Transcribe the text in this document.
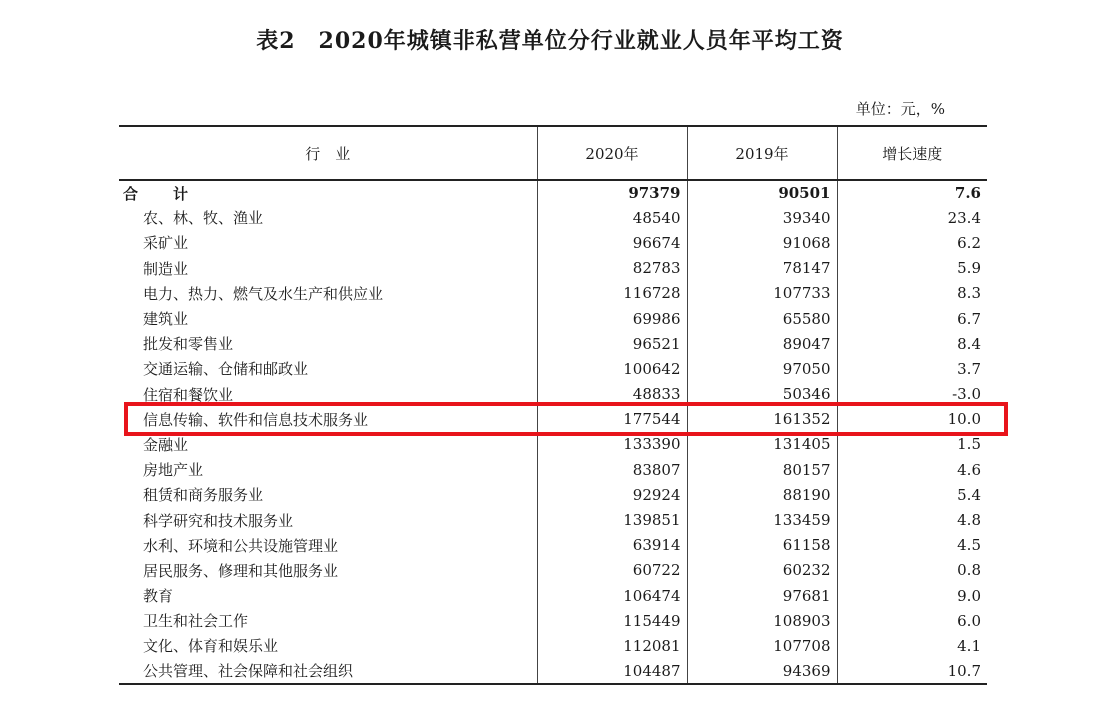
表2　2020年城镇非私营单位分行业就业人员年平均工资
单位：元，%
行　业	2020年	2019年	增长速度
合　计	97379	90501	7.6
农、林、牧、渔业	48540	39340	23.4
采矿业	96674	91068	6.2
制造业	82783	78147	5.9
电力、热力、燃气及水生产和供应业	116728	107733	8.3
建筑业	69986	65580	6.7
批发和零售业	96521	89047	8.4
交通运输、仓储和邮政业	100642	97050	3.7
住宿和餐饮业	48833	50346	-3.0
信息传输、软件和信息技术服务业	177544	161352	10.0
金融业	133390	131405	1.5
房地产业	83807	80157	4.6
租赁和商务服务业	92924	88190	5.4
科学研究和技术服务业	139851	133459	4.8
水利、环境和公共设施管理业	63914	61158	4.5
居民服务、修理和其他服务业	60722	60232	0.8
教育	106474	97681	9.0
卫生和社会工作	115449	108903	6.0
文化、体育和娱乐业	112081	107708	4.1
公共管理、社会保障和社会组织	104487	94369	10.7
